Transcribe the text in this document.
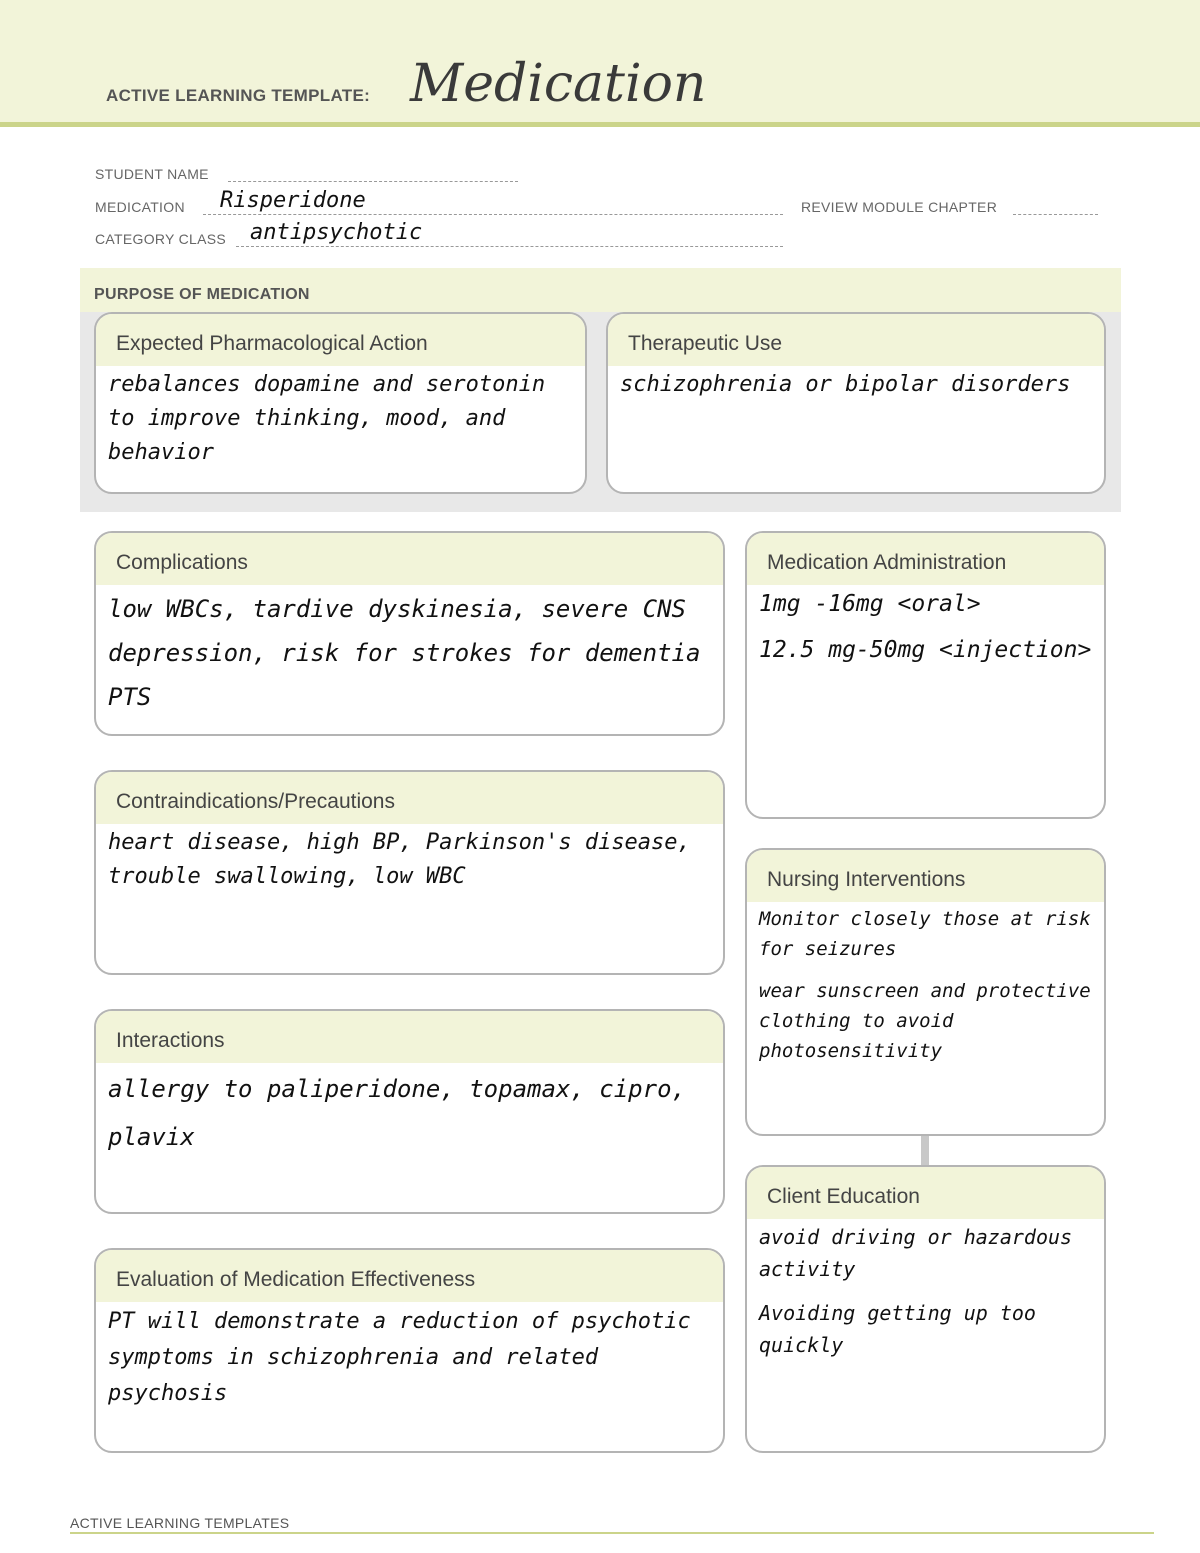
ACTIVE LEARNING TEMPLATE: Medication
STUDENT NAME
MEDICATION Risperidone	REVIEW MODULE CHAPTER
CATEGORY CLASS antipsychotic
PURPOSE OF MEDICATION
Expected Pharmacological Action
rebalances dopamine and serotonin to improve thinking, mood, and behavior
Therapeutic Use
schizophrenia or bipolar disorders
Complications
low WBCs, tardive dyskinesia, severe CNS depression, risk for strokes for dementia PTS
Contraindications/Precautions
heart disease, high BP, Parkinson's disease, trouble swallowing, low WBC
Interactions
allergy to paliperidone, topamax, cipro, plavix
Evaluation of Medication Effectiveness
PT will demonstrate a reduction of psychotic symptoms in schizophrenia and related psychosis
Medication Administration

1mg -16mg <oral>

12.5 mg-50mg <injection>

Nursing Interventions

Monitor closely those at risk for seizures

wear sunscreen and protective clothing to avoid photosensitivity

Client Education

avoid driving or hazardous activity

Avoiding getting up too quickly

ACTIVE LEARNING TEMPLATES
